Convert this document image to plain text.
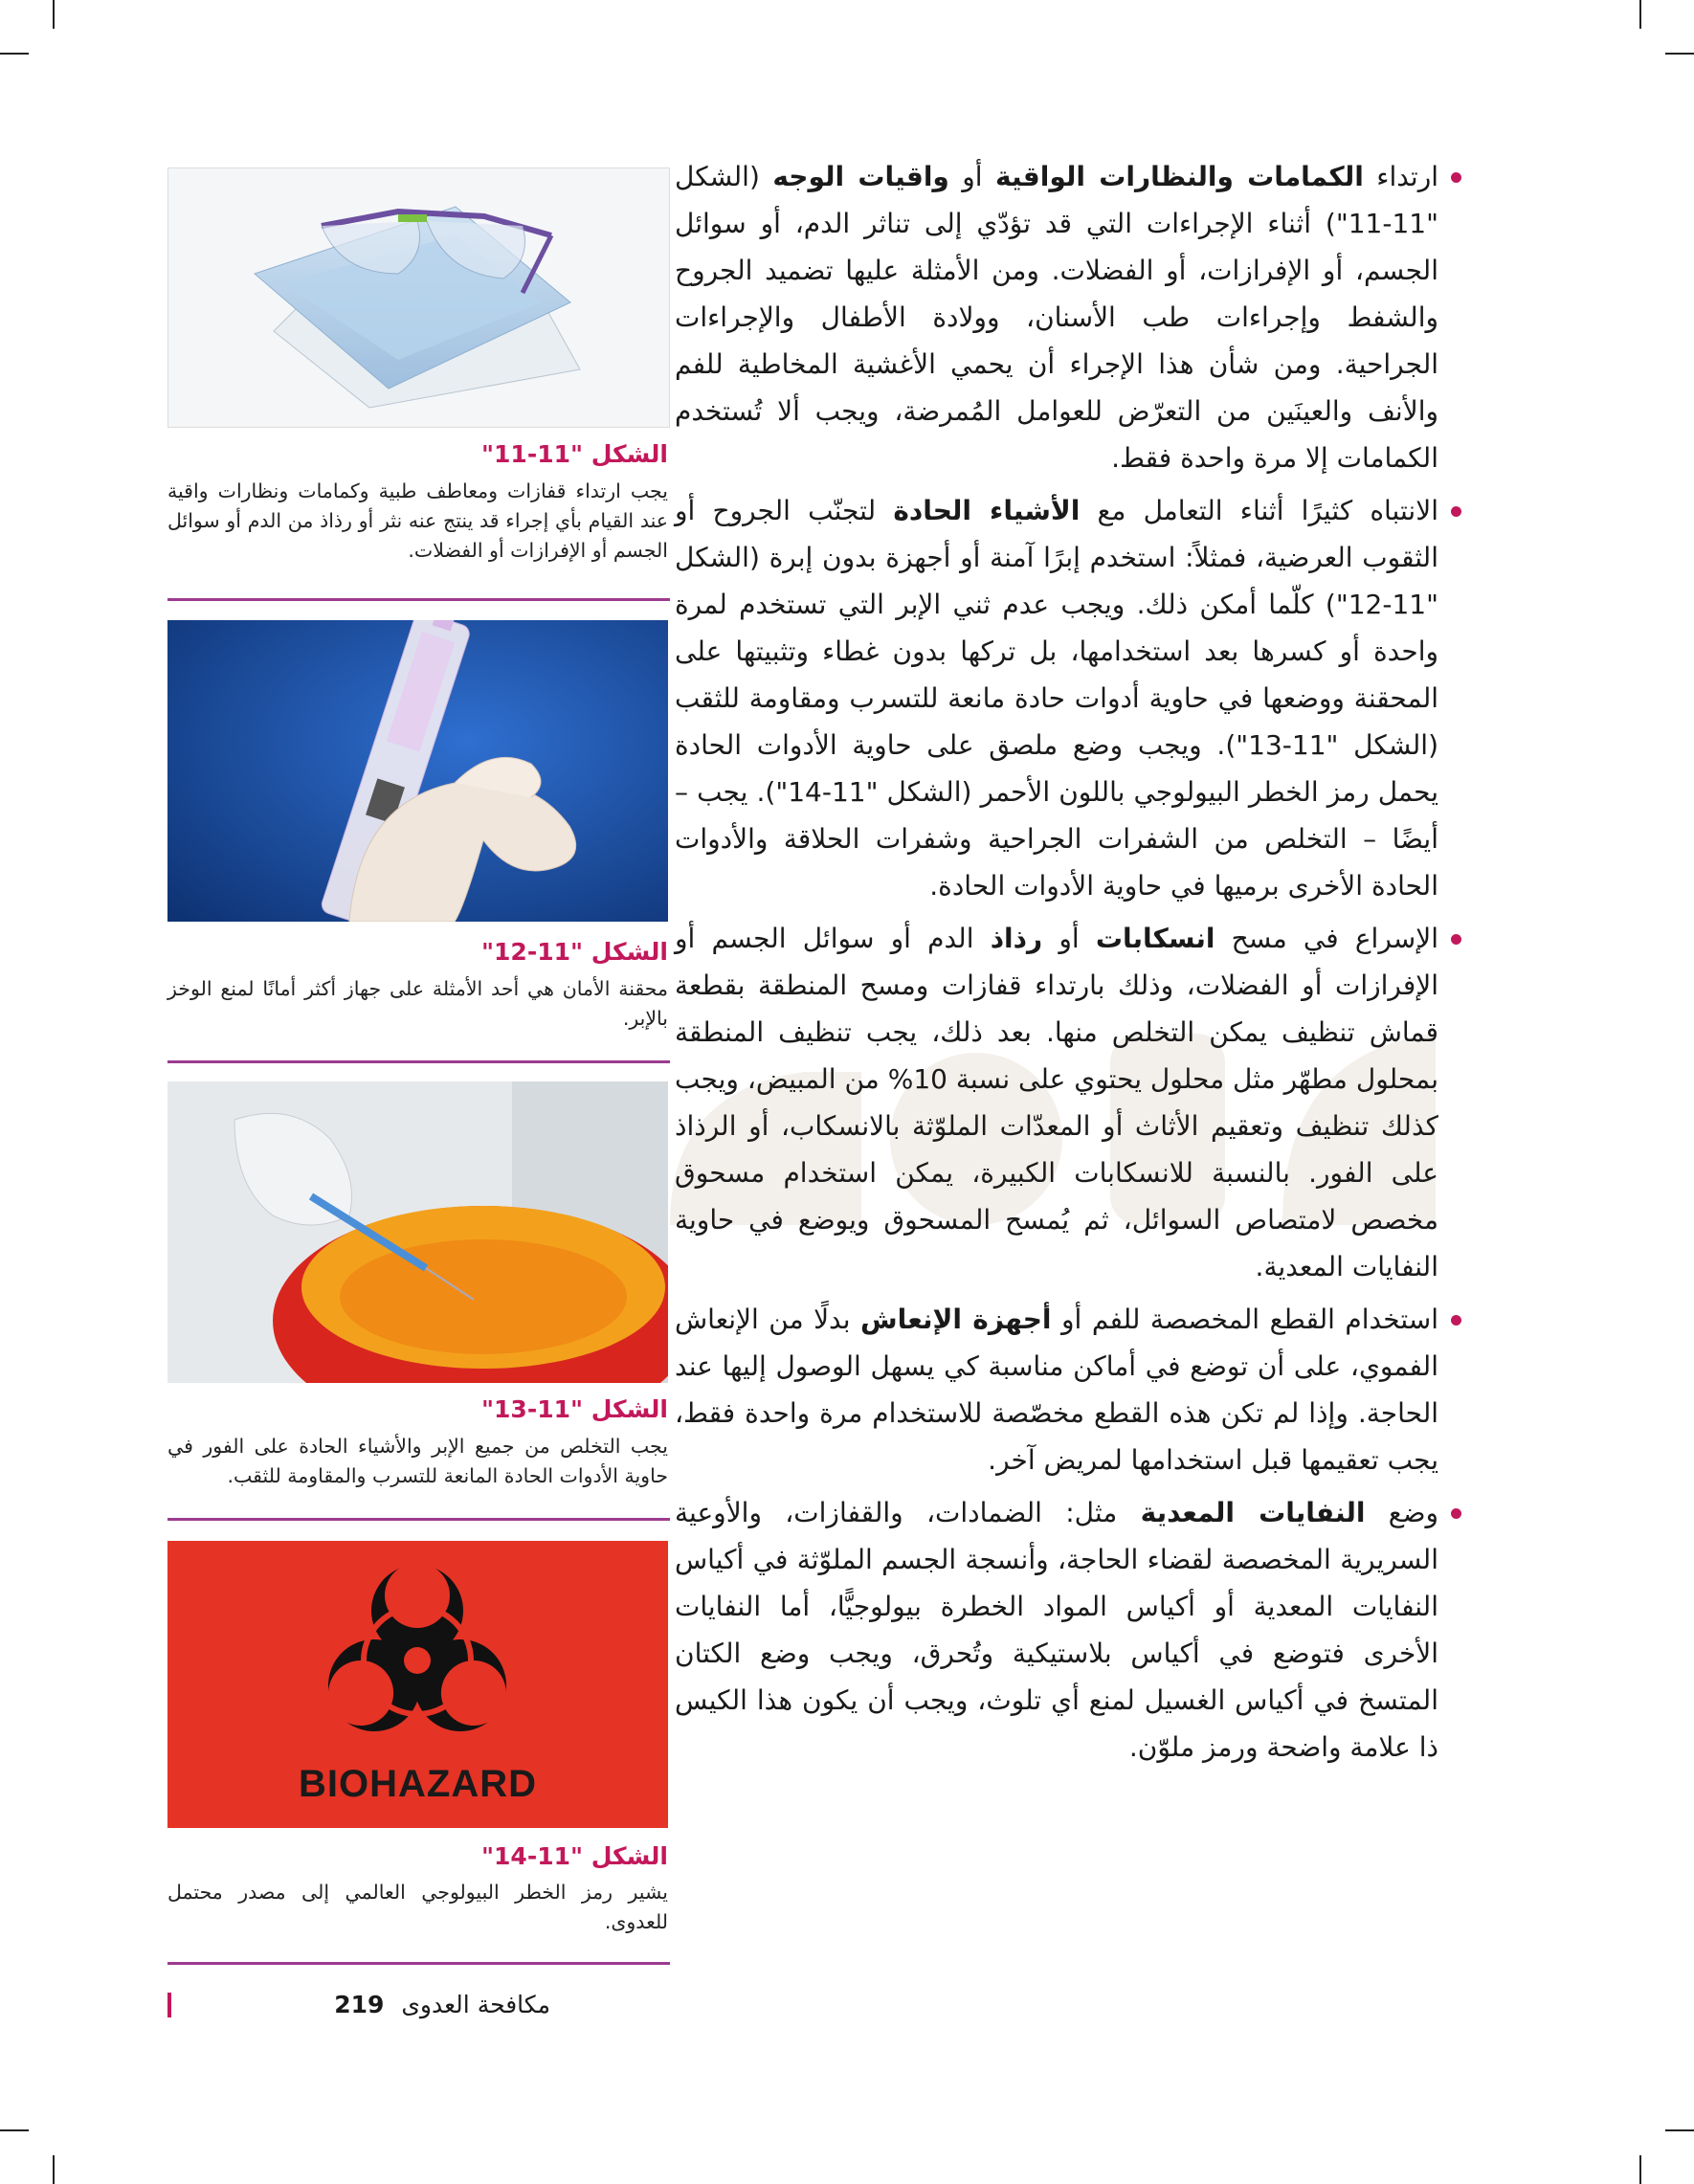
ارتداء الكمامات والنظارات الواقية أو واقيات الوجه (الشكل "11-11") أثناء الإجراءات التي قد تؤدّي إلى تناثر الدم، أو سوائل الجسم، أو الإفرازات، أو الفضلات. ومن الأمثلة عليها تضميد الجروح والشفط وإجراءات طب الأسنان، وولادة الأطفال والإجراءات الجراحية. ومن شأن هذا الإجراء أن يحمي الأغشية المخاطية للفم والأنف والعينَين من التعرّض للعوامل المُمرضة، ويجب ألا تُستخدم الكمامات إلا مرة واحدة فقط.
الانتباه كثيرًا أثناء التعامل مع الأشياء الحادة لتجنّب الجروح أو الثقوب العرضية، فمثلاً: استخدم إبرًا آمنة أو أجهزة بدون إبرة (الشكل "11-12") كلّما أمكن ذلك. ويجب عدم ثني الإبر التي تستخدم لمرة واحدة أو كسرها بعد استخدامها، بل تركها بدون غطاء وتثبيتها على المحقنة ووضعها في حاوية أدوات حادة مانعة للتسرب ومقاومة للثقب (الشكل "11-13"). ويجب وضع ملصق على حاوية الأدوات الحادة يحمل رمز الخطر البيولوجي باللون الأحمر (الشكل "11-14"). يجب – أيضًا – التخلص من الشفرات الجراحية وشفرات الحلاقة والأدوات الحادة الأخرى برميها في حاوية الأدوات الحادة.
الإسراع في مسح انسكابات أو رذاذ الدم أو سوائل الجسم أو الإفرازات أو الفضلات، وذلك بارتداء قفازات ومسح المنطقة بقطعة قماش تنظيف يمكن التخلص منها. بعد ذلك، يجب تنظيف المنطقة بمحلول مطهّر مثل محلول يحتوي على نسبة 10% من المبيض، ويجب كذلك تنظيف وتعقيم الأثاث أو المعدّات الملوّثة بالانسكاب، أو الرذاذ على الفور. بالنسبة للانسكابات الكبيرة، يمكن استخدام مسحوق مخصص لامتصاص السوائل، ثم يُمسح المسحوق ويوضع في حاوية النفايات المعدية.
استخدام القطع المخصصة للفم أو أجهزة الإنعاش بدلًا من الإنعاش الفموي، على أن توضع في أماكن مناسبة كي يسهل الوصول إليها عند الحاجة. وإذا لم تكن هذه القطع مخصّصة للاستخدام مرة واحدة فقط، يجب تعقيمها قبل استخدامها لمريض آخر.
وضع النفايات المعدية مثل: الضمادات، والقفازات، والأوعية السريرية المخصصة لقضاء الحاجة، وأنسجة الجسم الملوّثة في أكياس النفايات المعدية أو أكياس المواد الخطرة بيولوجيًّا، أما النفايات الأخرى فتوضع في أكياس بلاستيكية وتُحرق، ويجب وضع الكتان المتسخ في أكياس الغسيل لمنع أي تلوث، ويجب أن يكون هذا الكيس ذا علامة واضحة ورمز ملوّن.
الشكل "11-11"
يجب ارتداء قفازات ومعاطف طبية وكمامات ونظارات واقية عند القيام بأي إجراء قد ينتج عنه نثر أو رذاذ من الدم أو سوائل الجسم أو الإفرازات أو الفضلات.
الشكل "11-12"
محقنة الأمان هي أحد الأمثلة على جهاز أكثر أمانًا لمنع الوخز بالإبر.
الشكل "11-13"
يجب التخلص من جميع الإبر والأشياء الحادة على الفور في حاوية الأدوات الحادة المانعة للتسرب والمقاومة للثقب.
BIOHAZARD
الشكل "11-14"
يشير رمز الخطر البيولوجي العالمي إلى مصدر محتمل للعدوى.
مكافحة العدوى 219
